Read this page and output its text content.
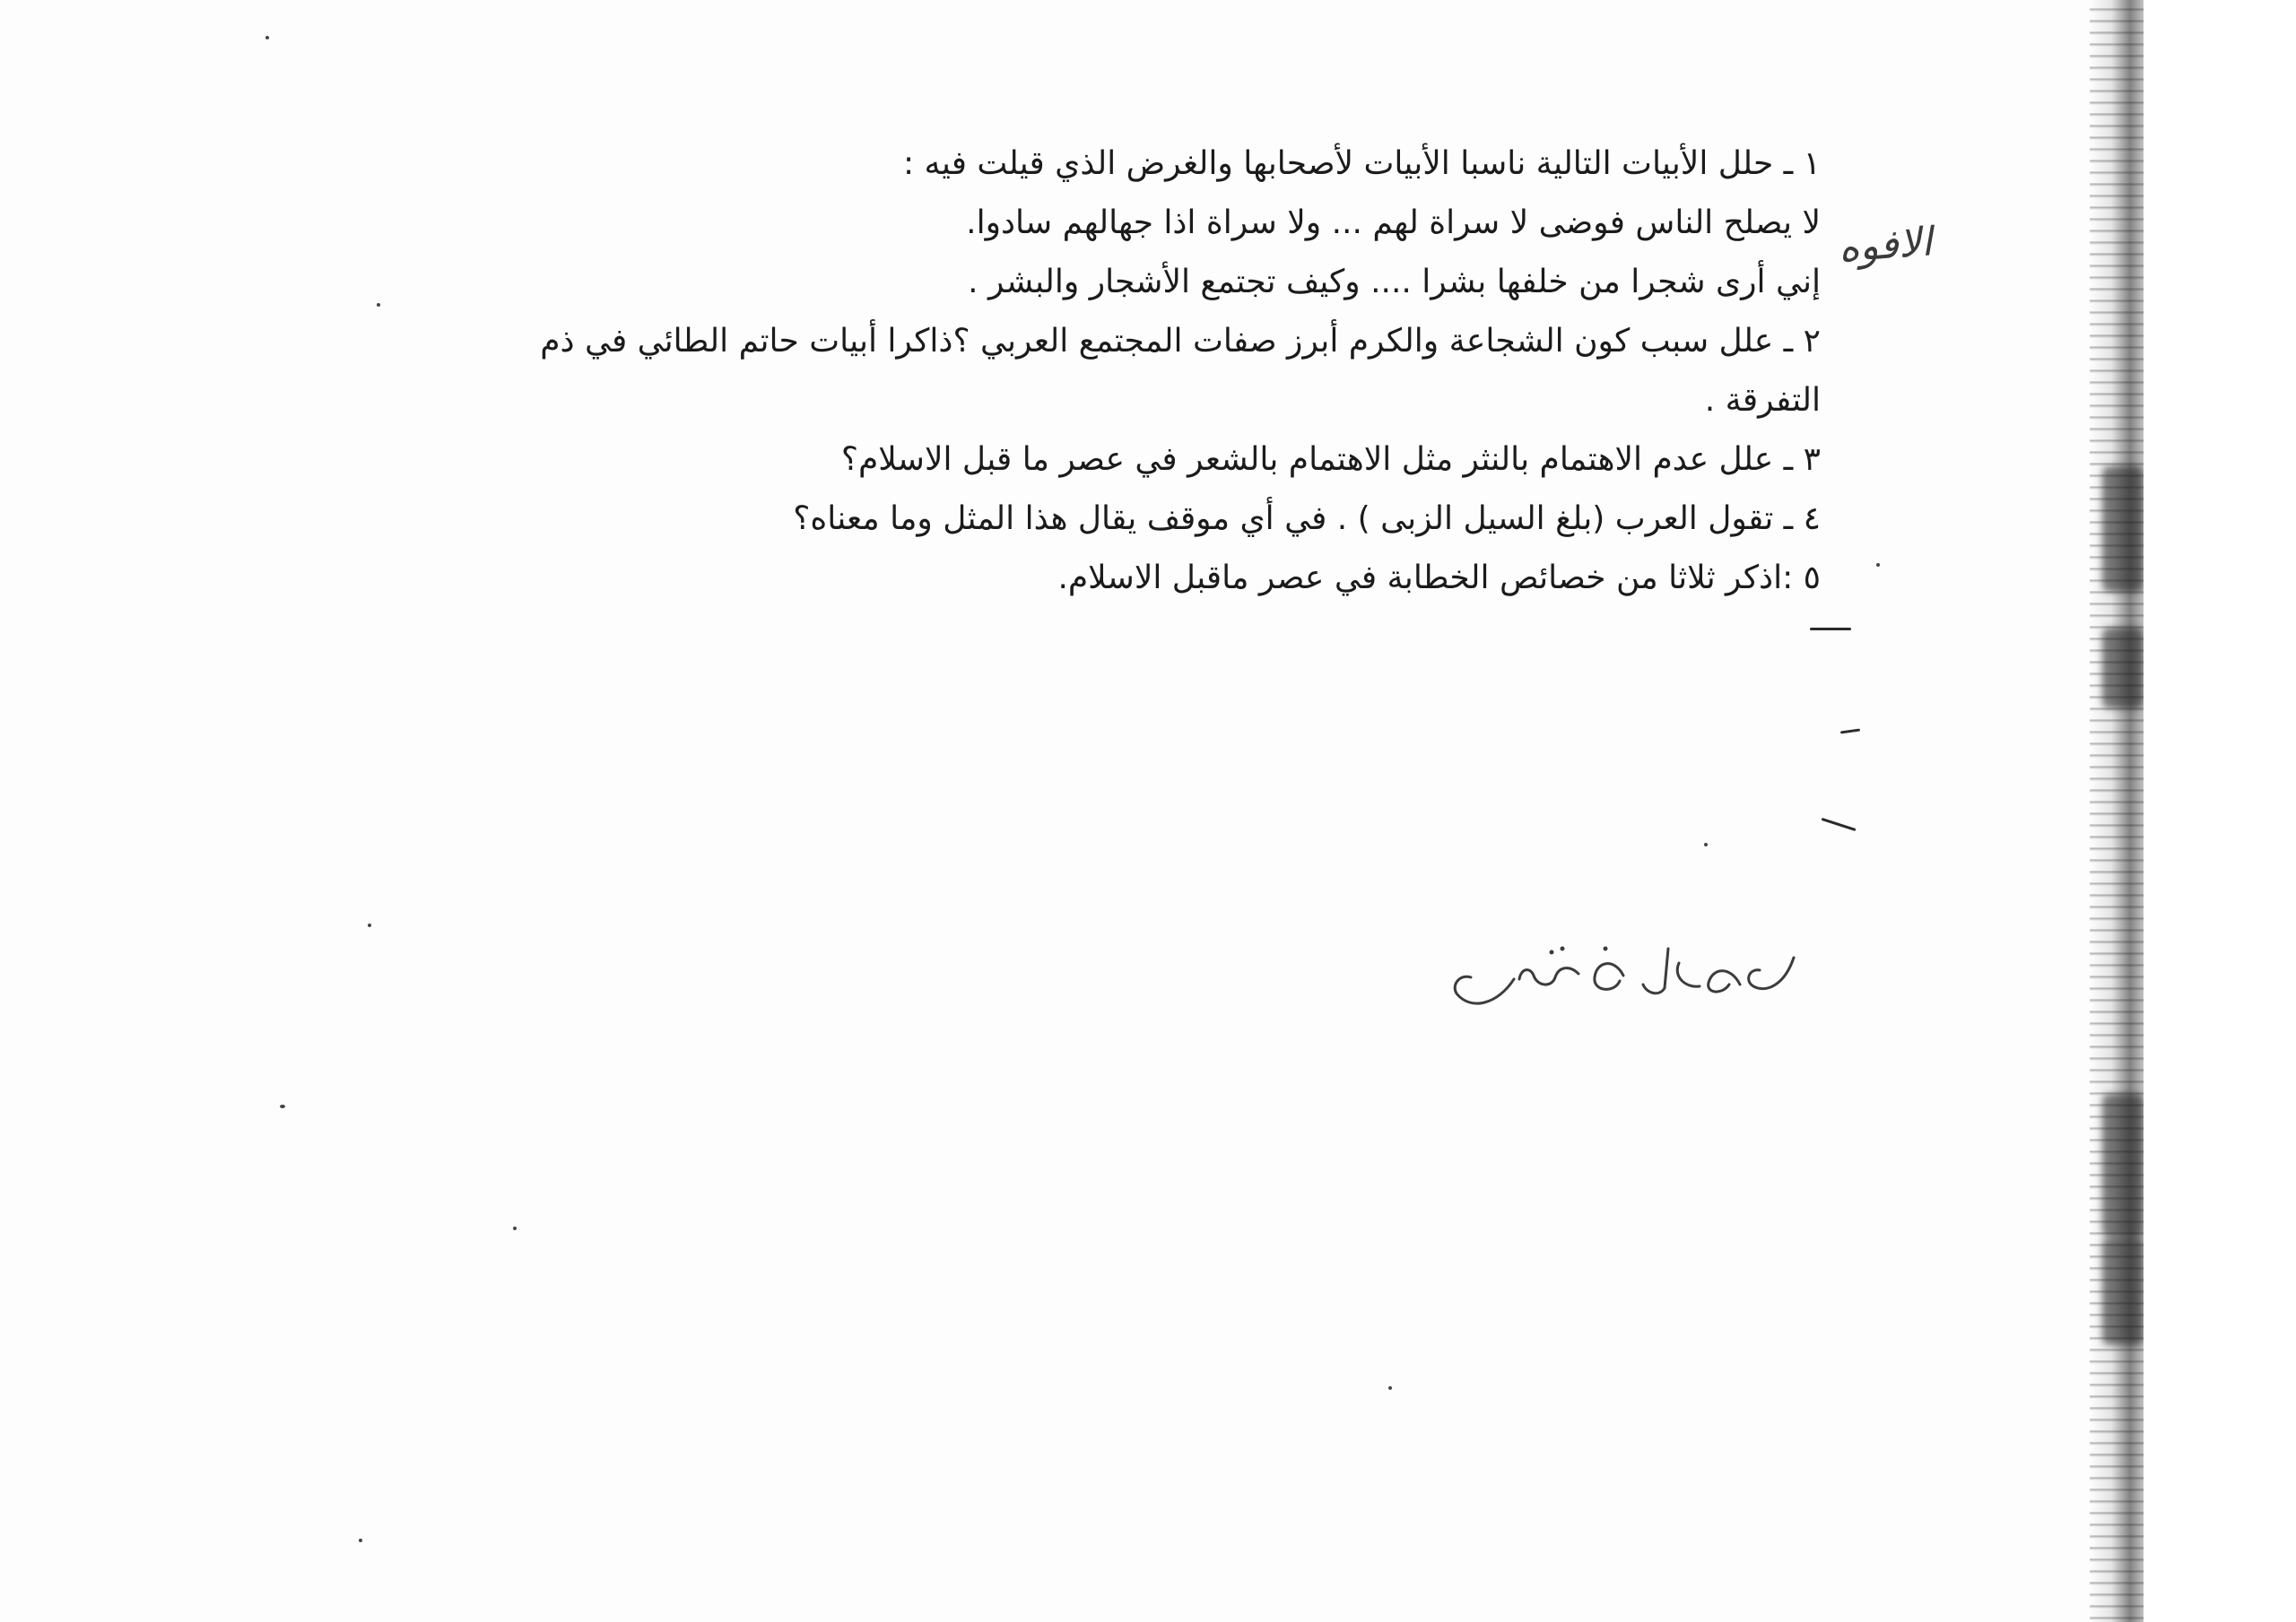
١ ـ حلل الأبيات التالية ناسبا الأبيات لأصحابها والغرض الذي قيلت فيه :

لا يصلح الناس فوضى لا سراة لهم ... ولا سراة اذا جهالهم سادوا.

إني أرى شجرا من خلفها بشرا .... وكيف تجتمع الأشجار والبشر .

٢ ـ علل سبب كون الشجاعة والكرم أبرز صفات المجتمع العربي ؟ذاكرا أبيات حاتم الطائي في ذم التفرقة .

٣ ـ علل عدم الاهتمام بالنثر مثل الاهتمام بالشعر في عصر ما قبل الاسلام؟

٤ ـ تقول العرب (بلغ السيل الزبى ) . في أي موقف يقال هذا المثل وما معناه؟

٥ :اذكر ثلاثا من خصائص الخطابة في عصر ماقبل الاسلام.

الافوه
وصاف شيمق
